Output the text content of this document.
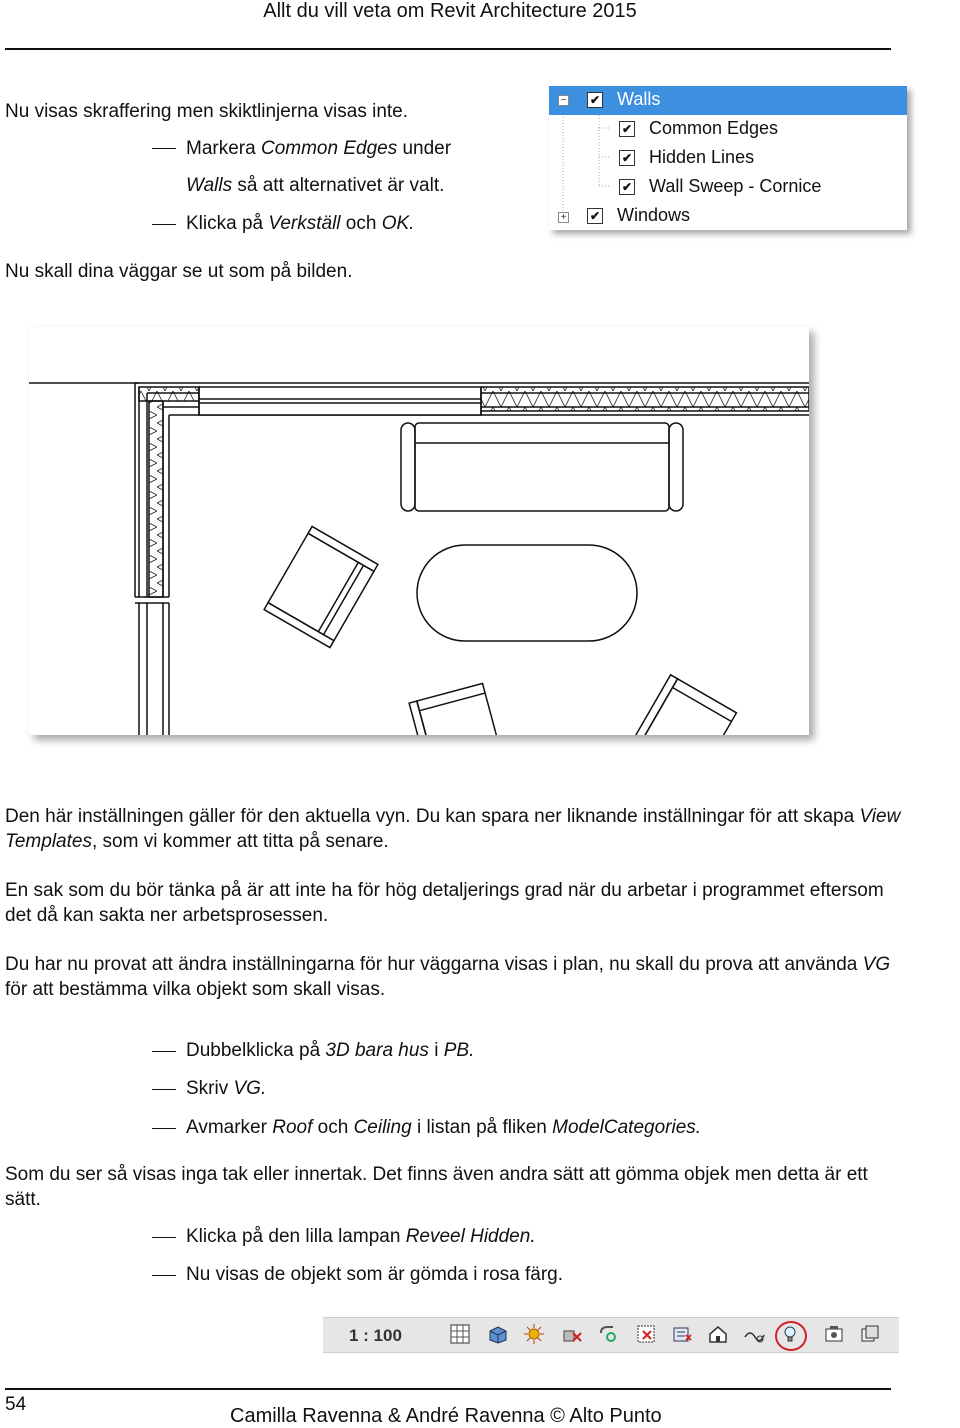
Allt du vill veta om Revit Architecture 2015
Nu visas skraffering men skiktlinjerna visas inte.
Markera Common Edges under
Walls så att alternativet är valt.
Klicka på Verkställ och OK.
Nu skall dina väggar se ut som på bilden.
− ✔ Walls
✔ Common Edges
✔ Hidden Lines
✔ Wall Sweep - Cornice
+ ✔ Windows
Den här inställningen gäller för den aktuella vyn. Du kan spara ner liknande inställningar för att skapa View Templates, som vi kommer att titta på senare.
En sak som du bör tänka på är att inte ha för hög detaljerings grad när du arbetar i programmet eftersom det då kan sakta ner arbetsprosessen.
Du har nu provat att ändra inställningarna för hur väggarna visas i plan, nu skall du prova att använda VG för att bestämma vilka objekt som skall visas.
Dubbelklicka på 3D bara hus i PB.
Skriv VG.
Avmarker Roof och Ceiling i listan på fliken ModelCategories.
Som du ser så visas inga tak eller innertak. Det finns även andra sätt att gömma objek men detta är ett sätt.
Klicka på den lilla lampan Reveel Hidden.
Nu visas de objekt som är gömda i rosa färg.
1 : 100
54
Camilla Ravenna & André Ravenna © Alto Punto
